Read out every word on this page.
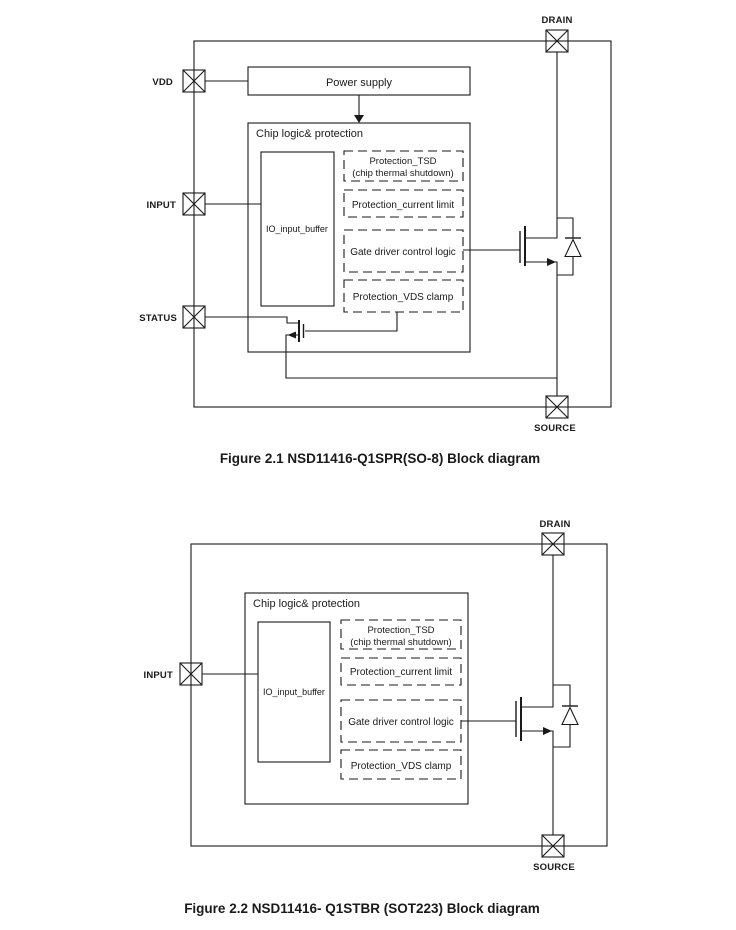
Power supply
Chip logic& protection
IO_input_buffer
Protection_TSD
(chip thermal shutdown)
Protection_current limit
Gate driver control logic
Protection_VDS clamp
VDD
INPUT
STATUS
DRAIN
SOURCE
Figure 2.1 NSD11416-Q1SPR(SO-8) Block diagram
Chip logic& protection
IO_input_buffer
Protection_TSD
(chip thermal shutdown)
Protection_current limit
Gate driver control logic
Protection_VDS clamp
INPUT
DRAIN
SOURCE
Figure 2.2 NSD11416- Q1STBR (SOT223) Block diagram
